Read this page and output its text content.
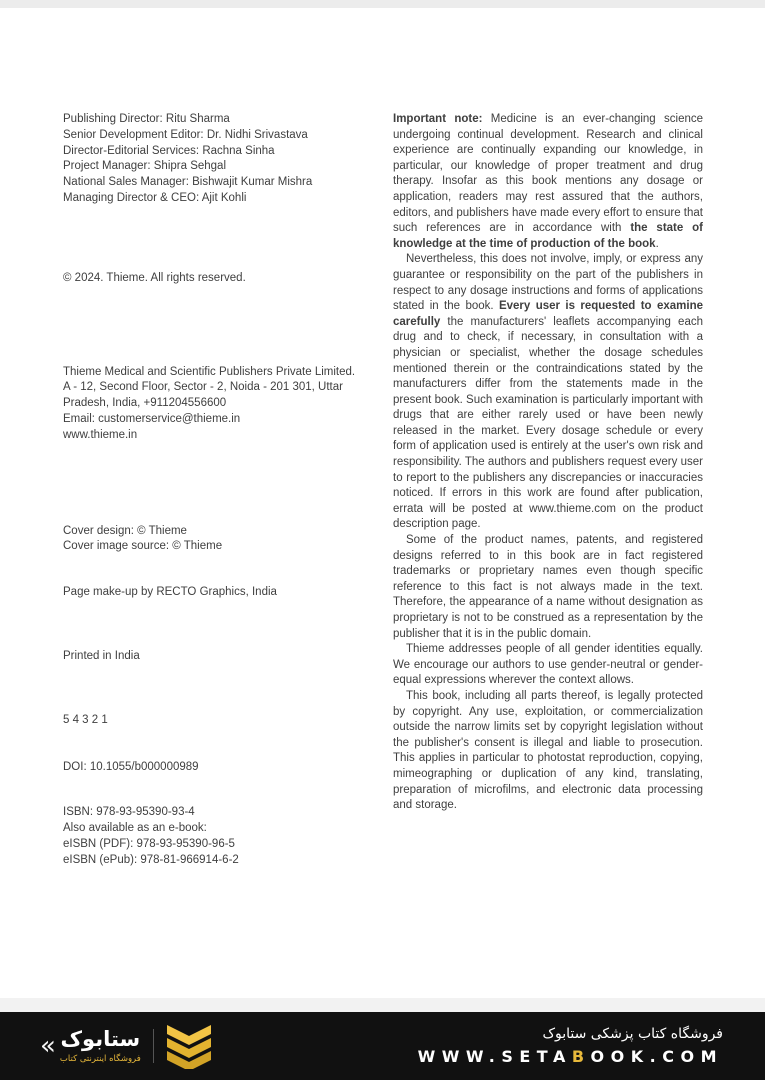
Publishing Director: Ritu Sharma
Senior Development Editor: Dr. Nidhi Srivastava
Director-Editorial Services: Rachna Sinha
Project Manager: Shipra Sehgal
National Sales Manager: Bishwajit Kumar Mishra
Managing Director & CEO: Ajit Kohli
© 2024. Thieme. All rights reserved.
Thieme Medical and Scientific Publishers Private Limited.
A - 12, Second Floor, Sector - 2, Noida - 201 301, Uttar Pradesh, India, +911204556600
Email: customerservice@thieme.in
www.thieme.in
Cover design: © Thieme
Cover image source: © Thieme
Page make-up by RECTO Graphics, India
Printed in India
5 4 3 2 1
DOI: 10.1055/b000000989
ISBN: 978-93-95390-93-4
Also available as an e-book:
eISBN (PDF): 978-93-95390-96-5
eISBN (ePub): 978-81-966914-6-2

Important note: Medicine is an ever-changing science undergoing continual development. Research and clinical experience are continually expanding our knowledge, in particular, our knowledge of proper treatment and drug therapy. Insofar as this book mentions any dosage or application, readers may rest assured that the authors, editors, and publishers have made every effort to ensure that such references are in accordance with the state of knowledge at the time of production of the book.

Nevertheless, this does not involve, imply, or express any guarantee or responsibility on the part of the publishers in respect to any dosage instructions and forms of applications stated in the book. Every user is requested to examine carefully the manufacturers' leaflets accompanying each drug and to check, if necessary, in consultation with a physician or specialist, whether the dosage schedules mentioned therein or the contraindications stated by the manufacturers differ from the statements made in the present book. Such examination is particularly important with drugs that are either rarely used or have been newly released in the market. Every dosage schedule or every form of application used is entirely at the user's own risk and responsibility. The authors and publishers request every user to report to the publishers any discrepancies or inaccuracies noticed. If errors in this work are found after publication, errata will be posted at www.thieme.com on the product description page.

Some of the product names, patents, and registered designs referred to in this book are in fact registered trademarks or proprietary names even though specific reference to this fact is not always made in the text. Therefore, the appearance of a name without designation as proprietary is not to be construed as a representation by the publisher that it is in the public domain.

Thieme addresses people of all gender identities equally. We encourage our authors to use gender-neutral or gender-equal expressions wherever the context allows.

This book, including all parts thereof, is legally protected by copyright. Any use, exploitation, or commercialization outside the narrow limits set by copyright legislation without the publisher's consent is illegal and liable to prosecution. This applies in particular to photostat reproduction, copying, mimeographing or duplication of any kind, translating, preparation of microfilms, and electronic data processing and storage.

« ستابوک
فروشگاه اینترنتی کتاب
فروشگاه کتاب پزشکی ستابوک
WWW.SETABOOK.COM
